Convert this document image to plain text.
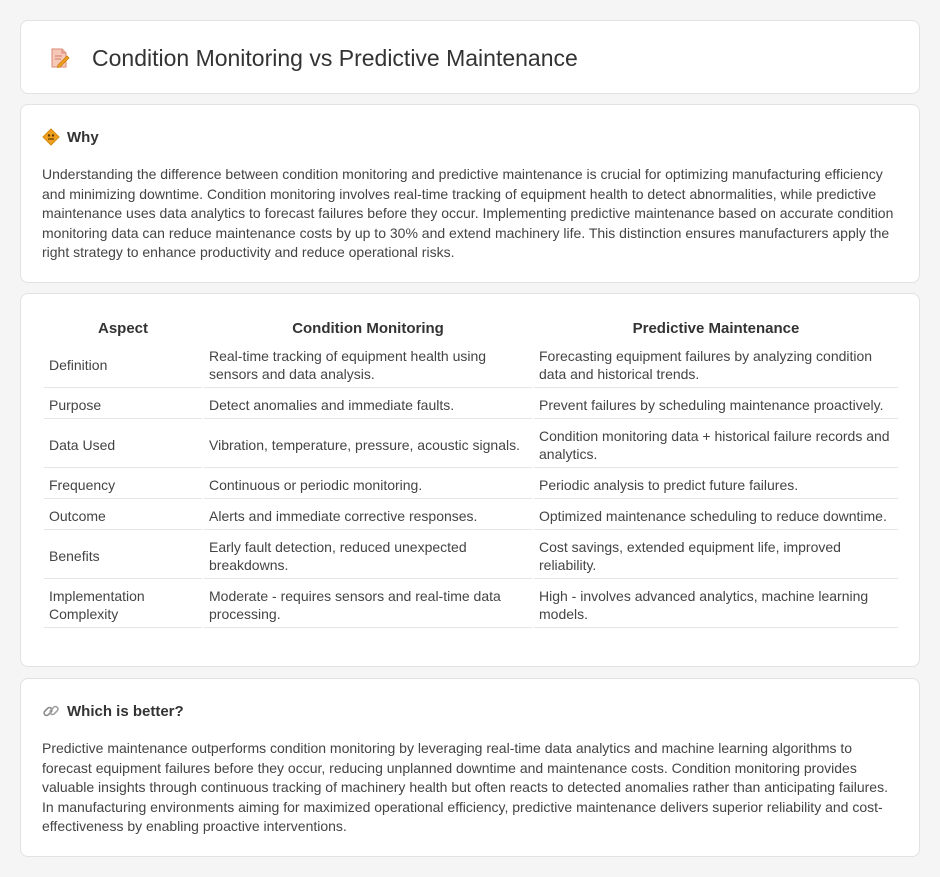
Condition Monitoring vs Predictive Maintenance
Why

Understanding the difference between condition monitoring and predictive maintenance is crucial for optimizing manufacturing efficiency and minimizing downtime. Condition monitoring involves real-time tracking of equipment health to detect abnormalities, while predictive maintenance uses data analytics to forecast failures before they occur. Implementing predictive maintenance based on accurate condition monitoring data can reduce maintenance costs by up to 30% and extend machinery life. This distinction ensures manufacturers apply the right strategy to enhance productivity and reduce operational risks.

Aspect	Condition Monitoring	Predictive Maintenance
Definition	Real-time tracking of equipment health using sensors and data analysis.	Forecasting equipment failures by analyzing condition data and historical trends.
Purpose	Detect anomalies and immediate faults.	Prevent failures by scheduling maintenance proactively.
Data Used	Vibration, temperature, pressure, acoustic signals.	Condition monitoring data + historical failure records and analytics.
Frequency	Continuous or periodic monitoring.	Periodic analysis to predict future failures.
Outcome	Alerts and immediate corrective responses.	Optimized maintenance scheduling to reduce downtime.
Benefits	Early fault detection, reduced unexpected breakdowns.	Cost savings, extended equipment life, improved reliability.
Implementation Complexity	Moderate - requires sensors and real-time data processing.	High - involves advanced analytics, machine learning models.
Which is better?

Predictive maintenance outperforms condition monitoring by leveraging real-time data analytics and machine learning algorithms to forecast equipment failures before they occur, reducing unplanned downtime and maintenance costs. Condition monitoring provides valuable insights through continuous tracking of machinery health but often reacts to detected anomalies rather than anticipating failures. In manufacturing environments aiming for maximized operational efficiency, predictive maintenance delivers superior reliability and cost-effectiveness by enabling proactive interventions.
